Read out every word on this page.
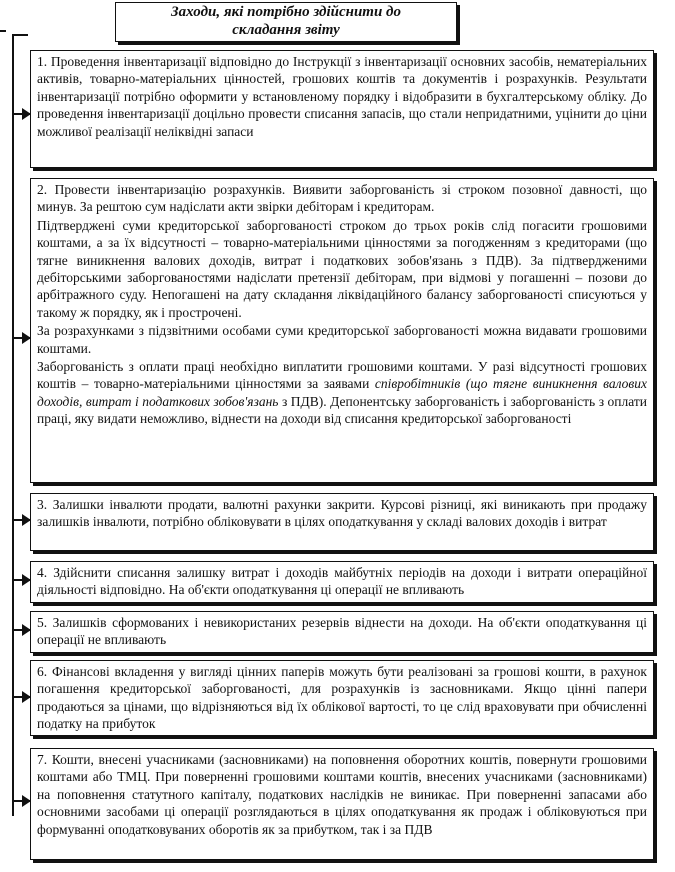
Заходи, які потрібно здійснити до
складання звіту

1. Проведення інвентаризації відповідно до Інструкції з інвентаризації основних засобів, нематеріальних активів, товарно-матеріальних цінностей, грошових коштів та документів і розрахунків. Результати інвентаризації потрібно оформити у встановленому порядку і відобразити в бухгалтерському обліку. До проведення інвентаризації доцільно провести списання запасів, що стали непридатними, уцінити до ціни можливої реалізації неліквідні запаси

2. Провести інвентаризацію розрахунків. Виявити заборгованість зі строком позовної давності, що минув. За рештою сум надіслати акти звірки дебіторам і кредиторам.

Підтверджені суми кредиторської заборгованості строком до трьох років слід погасити грошовими коштами, а за їх відсутності – товарно-матеріальними цінностями за погодженням з кредиторами (що тягне виникнення валових доходів, витрат і податкових зобов'язань з ПДВ). За підтвердженими дебіторськими заборгованостями надіслати претензії дебіторам, при відмові у погашенні – позови до арбітражного суду. Непогашені на дату складання ліквідаційного балансу заборгованості списуються у такому ж порядку, як і прострочені.

За розрахунками з підзвітними особами суми кредиторської заборгованості можна видавати грошовими коштами.

Заборгованість з оплати праці необхідно виплатити грошовими коштами. У разі відсутності грошових коштів – товарно-матеріальними цінностями за заявами співробітників (що тягне виникнення валових доходів, витрат і податкових зобов'язань з ПДВ). Депонентську заборгованість і заборгованість з оплати праці, яку видати неможливо, віднести на доходи від списання кредиторської заборгованості

3. Залишки інвалюти продати, валютні рахунки закрити. Курсові різниці, які виникають при продажу залишків інвалюти, потрібно обліковувати в цілях оподаткування у складі валових доходів і витрат

4. Здійснити списання залишку витрат і доходів майбутніх періодів на доходи і витрати операційної діяльності відповідно. На об'єкти оподаткування ці операції не впливають

5. Залишків сформованих і невикористаних резервів віднести на доходи. На об'єкти оподаткування ці операції не впливають

6. Фінансові вкладення у вигляді цінних паперів можуть бути реалізовані за грошові кошти, в рахунок погашення кредиторської заборгованості, для розрахунків із засновниками. Якщо цінні папери продаються за цінами, що відрізняються від їх облікової вартості, то це слід враховувати при обчисленні податку на прибуток

7. Кошти, внесені учасниками (засновниками) на поповнення оборотних коштів, повернути грошовими коштами або ТМЦ. При поверненні грошовими коштами коштів, внесених учасниками (засновниками) на поповнення статутного капіталу, податкових наслідків не виникає. При поверненні запасами або основними засобами ці операції розглядаються в цілях оподаткування як продаж і обліковуються при формуванні оподатковуваних оборотів як за прибутком, так і за ПДВ
